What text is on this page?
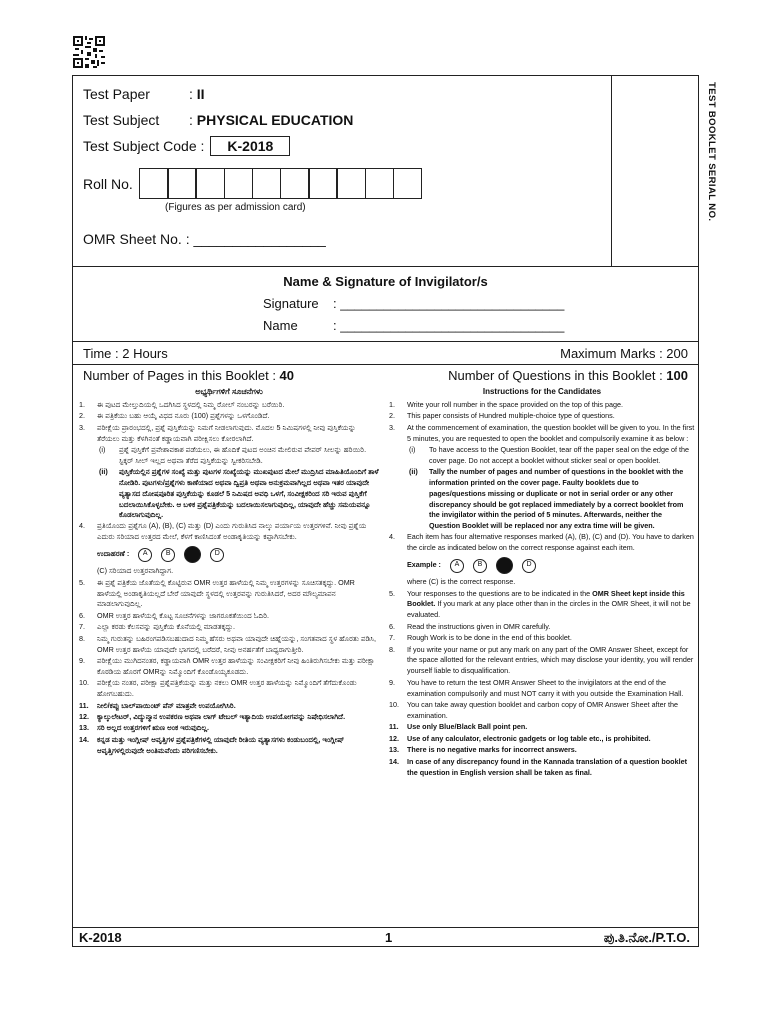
TEST BOOKLET SERIAL NO.
Test Paper	: II
Test Subject : PHYSICAL EDUCATION
Test Subject Code : K-2018
Roll No.
(Figures as per admission card)
OMR Sheet No. : _________________
Name & Signature of Invigilator/s
Signature : _______________________________
Name	: _______________________________
Time : 2 Hours	Maximum Marks : 200
Number of Pages in this Booklet : 40	Number of Questions in this Booklet : 100
ಅಭ್ಯರ್ಥಿಗಳಿಗೆ ಸೂಚನೆಗಳು
1.	ಈ ಪುಟದ ಮೇಲ್ತುದಿಯಲ್ಲಿ ಒದಗಿಸಿದ ಸ್ಥಳದಲ್ಲಿ ನಿಮ್ಮ ರೋಲ್ ನಂಬರನ್ನು ಬರೆಯಿರಿ.
2.	ಈ ಪತ್ರಿಕೆಯು ಬಹು ಆಯ್ಕೆ ವಿಧದ ನೂರು (100) ಪ್ರಶ್ನೆಗಳನ್ನು ಒಳಗೊಂಡಿದೆ.
3.	ಪರೀಕ್ಷೆಯ ಪ್ರಾರಂಭದಲ್ಲಿ, ಪ್ರಶ್ನೆ ಪುಸ್ತಿಕೆಯನ್ನು ನಿಮಗೆ ನೀಡಲಾಗುವುದು. ಮೊದಲ 5 ನಿಮಿಷಗಳಲ್ಲಿ ನೀವು ಪುಸ್ತಿಕೆಯನ್ನು ತೆರೆಯಲು ಮತ್ತು ಕೆಳಗಿನಂತೆ ಕಡ್ಡಾಯವಾಗಿ ಪರೀಕ್ಷಿಸಲು ಕೋರಲಾಗಿದೆ.
(i)	ಪ್ರಶ್ನೆ ಪುಸ್ತಿಕೆಗೆ ಪ್ರವೇಶಾವಕಾಶ ಪಡೆಯಲು, ಈ ಹೊದಿಕೆ ಪುಟದ ಅಂಚಿನ ಮೇಲಿರುವ ಪೇಪರ್ ಸೀಲನ್ನು ಹರಿಯಿರಿ. ಸ್ಟಿಕ್ಕರ್ ಸೀಲ್ ಇಲ್ಲದ ಅಥವಾ ತೆರೆದ ಪುಸ್ತಿಕೆಯನ್ನು ಸ್ವೀಕರಿಸಬೇಡಿ.
(ii)	ಪುಸ್ತಿಕೆಯಲ್ಲಿನ ಪ್ರಶ್ನೆಗಳ ಸಂಖ್ಯೆ ಮತ್ತು ಪುಟಗಳ ಸಂಖ್ಯೆಯನ್ನು ಮುಖಪುಟದ ಮೇಲೆ ಮುದ್ರಿಸಿದ ಮಾಹಿತಿಯೊಂದಿಗೆ ತಾಳೆ ನೋಡಿರಿ. ಪುಟಗಳು/ಪ್ರಶ್ನೆಗಳು ಕಾಣೆಯಾದ ಅಥವಾ ದ್ವಿಪ್ರತಿ ಅಥವಾ ಅನುಕ್ರಮವಾಗಿಲ್ಲದ ಅಥವಾ ಇತರ ಯಾವುದೇ ವ್ಯತ್ಯಾಸದ ದೋಷಪೂರಿತ ಪುಸ್ತಿಕೆಯನ್ನು ಕೂಡಲೆ 5 ನಿಮಿಷದ ಅವಧಿ ಒಳಗೆ, ಸಂವೀಕ್ಷಕರಿಂದ ಸರಿ ಇರುವ ಪುಸ್ತಿಕೆಗೆ ಬದಲಾಯಿಸಿಕೊಳ್ಳಬೇಕು. ಆ ಬಳಿಕ ಪ್ರಶ್ನೆಪತ್ರಿಕೆಯನ್ನು ಬದಲಾಯಿಸಲಾಗುವುದಿಲ್ಲ, ಯಾವುದೇ ಹೆಚ್ಚು ಸಮಯವನ್ನೂ ಕೊಡಲಾಗುವುದಿಲ್ಲ.
4.	ಪ್ರತಿಯೊಂದು ಪ್ರಶ್ನೆಗೂ (A), (B), (C) ಮತ್ತು (D) ಎಂದು ಗುರುತಿಸಿದ ನಾಲ್ಕು ಪರ್ಯಾಯ ಉತ್ತರಗಳಿವೆ. ನೀವು ಪ್ರಶ್ನೆಯ ಎದುರು ಸರಿಯಾದ ಉತ್ತರದ ಮೇಲೆ, ಕೆಳಗೆ ಕಾಣಿಸಿದಂತೆ ಅಂಡಾಕೃತಿಯನ್ನು ಕಪ್ಪಾಗಿಸಬೇಕು.
ಉದಾಹರಣೆ :	A	B	D
(C) ಸರಿಯಾದ ಉತ್ತರವಾಗಿದ್ದಾಗ.
5.	ಈ ಪ್ರಶ್ನೆ ಪತ್ರಿಕೆಯ ಜೊತೆಯಲ್ಲಿ ಕೊಟ್ಟಿರುವ OMR ಉತ್ತರ ಹಾಳೆಯಲ್ಲಿ ನಿಮ್ಮ ಉತ್ತರಗಳನ್ನು ಸೂಚಿಸತಕ್ಕದ್ದು. OMR ಹಾಳೆಯಲ್ಲಿ ಅಂಡಾಕೃತಿಯಲ್ಲದೆ ಬೇರೆ ಯಾವುದೇ ಸ್ಥಳದಲ್ಲಿ ಉತ್ತರವನ್ನು ಗುರುತಿಸಿದರೆ, ಅದರ ಮೌಲ್ಯಮಾಪನ ಮಾಡಲಾಗುವುದಿಲ್ಲ.
6.	OMR ಉತ್ತರ ಹಾಳೆಯಲ್ಲಿ ಕೊಟ್ಟ ಸೂಚನೆಗಳನ್ನು ಜಾಗರೂಕತೆಯಿಂದ ಓದಿರಿ.
7.	ಎಲ್ಲಾ ಕರಡು ಕೆಲಸವನ್ನು ಪುಸ್ತಿಕೆಯ ಕೊನೆಯಲ್ಲಿ ಮಾಡತಕ್ಕದ್ದು.
8.	ನಿಮ್ಮ ಗುರುತನ್ನು ಬಹಿರಂಗಪಡಿಸಬಹುದಾದ ನಿಮ್ಮ ಹೆಸರು ಅಥವಾ ಯಾವುದೇ ಚಿಹ್ನೆಯನ್ನು, ಸಂಗತವಾದ ಸ್ಥಳ ಹೊರತು ಪಡಿಸಿ, OMR ಉತ್ತರ ಹಾಳೆಯ ಯಾವುದೇ ಭಾಗದಲ್ಲಿ ಬರೆದರೆ, ನೀವು ಅನರ್ಹತೆಗೆ ಬಾಧ್ಯರಾಗುತ್ತೀರಿ.
9.	ಪರೀಕ್ಷೆಯು ಮುಗಿದನಂತರ, ಕಡ್ಡಾಯವಾಗಿ OMR ಉತ್ತರ ಹಾಳೆಯನ್ನು ಸಂವೀಕ್ಷಕರಿಗೆ ನೀವು ಹಿಂತಿರುಗಿಸಬೇಕು ಮತ್ತು ಪರೀಕ್ಷಾ ಕೊಠಡಿಯ ಹೊರಗೆ OMRನ್ನು ನಿಮ್ಮೊಂದಿಗೆ ಕೊಂಡೊಯ್ಯಕೂಡದು.
10.	ಪರೀಕ್ಷೆಯ ನಂತರ, ಪರೀಕ್ಷಾ ಪ್ರಶ್ನೆಪತ್ರಿಕೆಯನ್ನು ಮತ್ತು ನಕಲು OMR ಉತ್ತರ ಹಾಳೆಯನ್ನು ನಿಮ್ಮೊಂದಿಗೆ ತೆಗೆದುಕೊಂಡು ಹೋಗಬಹುದು.
11.	ನೀಲಿ/ಕಪ್ಪು ಬಾಲ್‌ಪಾಯಿಂಟ್ ಪೆನ್ ಮಾತ್ರವೇ ಉಪಯೋಗಿಸಿರಿ.
12.	ಕ್ಯಾಲ್ಕುಲೇಟರ್, ವಿದ್ಯುನ್ಮಾನ ಉಪಕರಣ ಅಥವಾ ಲಾಗ್ ಟೇಬಲ್ ಇತ್ಯಾದಿಯ ಉಪಯೋಗವನ್ನು ನಿಷೇಧಿಸಲಾಗಿದೆ.
13.	ಸರಿ ಅಲ್ಲದ ಉತ್ತರಗಳಿಗೆ ಋಣ ಅಂಕ ಇರುವುದಿಲ್ಲ.
14.	ಕನ್ನಡ ಮತ್ತು ಇಂಗ್ಲೀಷ್ ಆವೃತ್ತಿಗಳ ಪ್ರಶ್ನೆಪತ್ರಿಕೆಗಳಲ್ಲಿ ಯಾವುದೇ ರೀತಿಯ ವ್ಯತ್ಯಾಸಗಳು ಕಂಡುಬಂದಲ್ಲಿ, ಇಂಗ್ಲೀಷ್ ಆವೃತ್ತಿಗಳಲ್ಲಿರುವುದೇ ಅಂತಿಮವೆಂದು ಪರಿಗಣಿಸಬೇಕು.
Instructions for the Candidates
1.	Write your roll number in the space provided on the top of this page.
2.	This paper consists of Hundred multiple-choice type of questions.
3.	At the commencement of examination, the question booklet will be given to you. In the first 5 minutes, you are requested to open the booklet and compulsorily examine it as below :
(i)	To have access to the Question Booklet, tear off the paper seal on the edge of the cover page. Do not accept a booklet without sticker seal or open booklet.
(ii)	Tally the number of pages and number of questions in the booklet with the information printed on the cover page. Faulty booklets due to pages/questions missing or duplicate or not in serial order or any other discrepancy should be got replaced immediately by a correct booklet from the invigilator within the period of 5 minutes. Afterwards, neither the Question Booklet will be replaced nor any extra time will be given.
4.	Each item has four alternative responses marked (A), (B), (C) and (D). You have to darken the circle as indicated below on the correct response against each item.
Example :	A	B	D
where (C) is the correct response.
5.	Your responses to the questions are to be indicated in the OMR Sheet kept inside this Booklet. If you mark at any place other than in the circles in the OMR Sheet, it will not be evaluated.
6.	Read the instructions given in OMR carefully.
7.	Rough Work is to be done in the end of this booklet.
8.	If you write your name or put any mark on any part of the OMR Answer Sheet, except for the space allotted for the relevant entries, which may disclose your identity, you will render yourself liable to disqualification.
9.	You have to return the test OMR Answer Sheet to the invigilators at the end of the examination compulsorily and must NOT carry it with you outside the Examination Hall.
10.	You can take away question booklet and carbon copy of OMR Answer Sheet after the examination.
11.	Use only Blue/Black Ball point pen.
12.	Use of any calculator, electronic gadgets or log table etc., is prohibited.
13.	There is no negative marks for incorrect answers.
14.	In case of any discrepancy found in the Kannada translation of a question booklet the question in English version shall be taken as final.
K-2018	1	ಪು.ತಿ.ನೋ./P.T.O.
